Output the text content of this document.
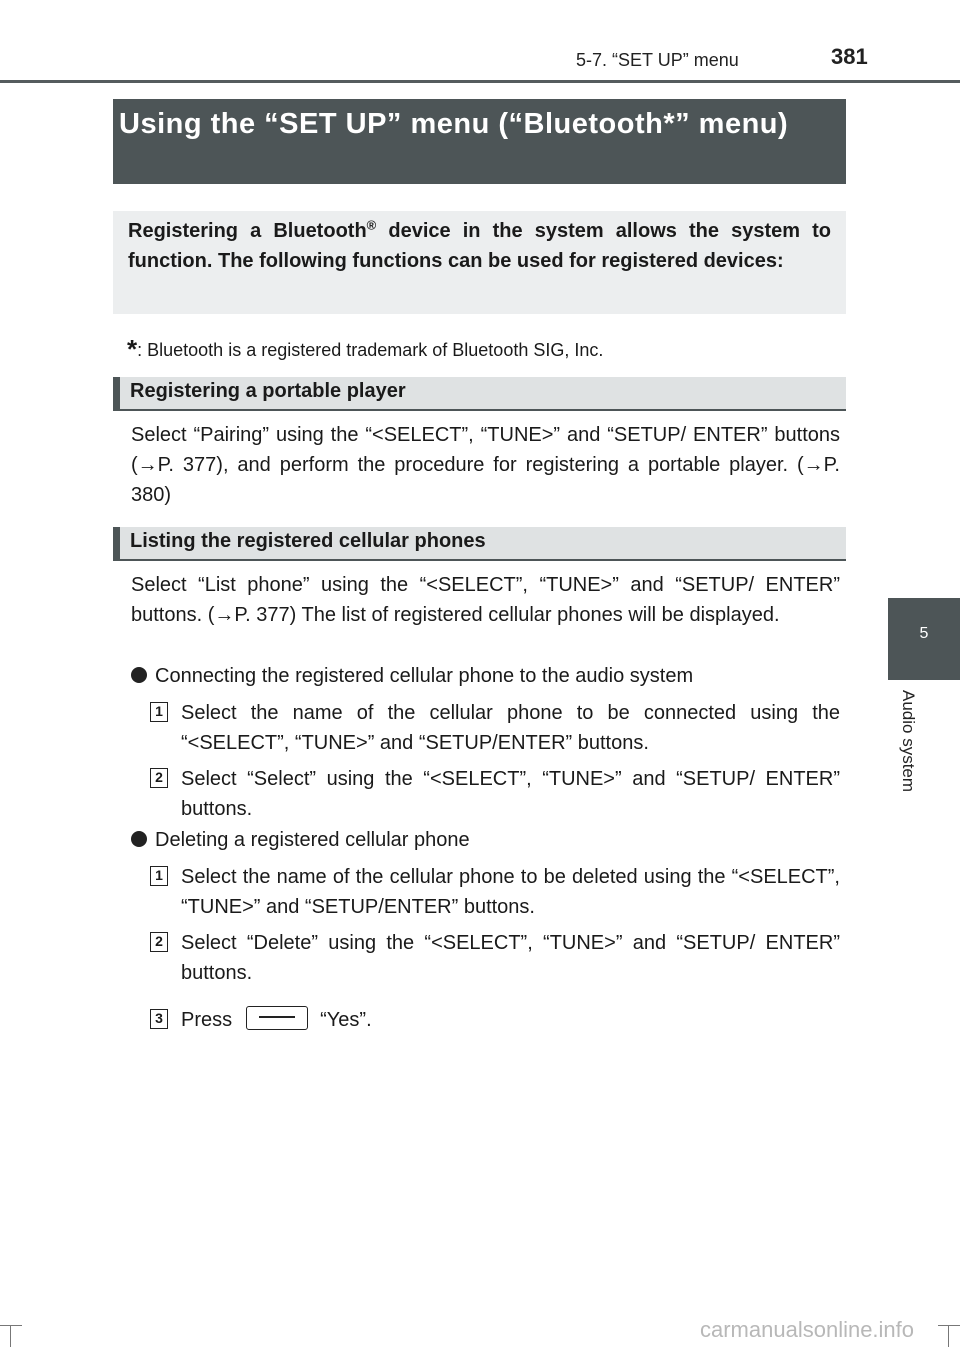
5-7. “SET UP” menu	381
Using the “SET UP” menu (“Bluetooth*” menu)
Registering a Bluetooth® device in the system allows the system to function. The following functions can be used for registered devices:
*: Bluetooth is a registered trademark of Bluetooth SIG, Inc.
Registering a portable player
Select “Pairing” using the “<SELECT”, “TUNE>” and “SETUP/ ENTER” buttons (→P. 377), and perform the procedure for registering a portable player. (→P. 380)
Listing the registered cellular phones
Select “List phone” using the “<SELECT”, “TUNE>” and “SETUP/ ENTER” buttons. (→P. 377) The list of registered cellular phones will be displayed.
Connecting the registered cellular phone to the audio system
1 Select the name of the cellular phone to be connected using the “<SELECT”, “TUNE>” and “SETUP/ENTER” buttons.
2 Select “Select” using the “<SELECT”, “TUNE>” and “SETUP/ ENTER” buttons.
Deleting a registered cellular phone
1 Select the name of the cellular phone to be deleted using the “<SELECT”, “TUNE>” and “SETUP/ENTER” buttons.
2 Select “Delete” using the “<SELECT”, “TUNE>” and “SETUP/ ENTER” buttons.
3 Press	“Yes”.
5
Audio system
carmanualsonline.info
